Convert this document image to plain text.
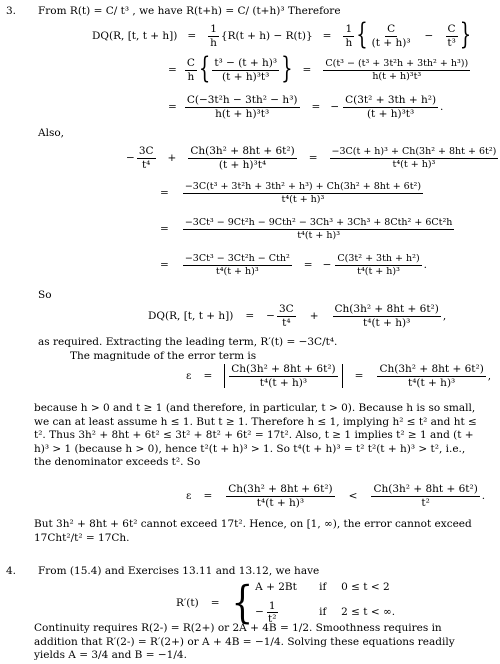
3. From R(t) = C/ t³ , we have R(t+h) = C/ (t+h)³ Therefore
DQ(R, [t, $t + h]) = \frac{1}{h} \{R(t + h) - R(t)\} = \frac{1}{h}$ { $\frac{C}{\text{(t + h)³}} - \frac{C}{\text{t³}}$ }
= $\frac{C}{h}$ { $\frac{\text{t³ − (t + h)³}}{\text{(t + h)³t³}}$ } = $\frac{\text{C(t³ − (t³ + 3t²h + 3th² + h³))}}{\text{h(t + h)³t³}}$
= $\frac{\text{C(−3t²h − 3th² − h³)}}{\text{h(t + h)³t³}}$ = − $\frac{\text{C(3t² + 3th + h²)}}{\text{(t + h)³t³}}$ .
Also,
− $\frac{3C}{\text{t⁴}} + \frac{\text{Ch(3h² + 8ht + 6t²)}}{\text{(t + h)³t⁴}} = \frac{\text{−3C(t + h)³ + Ch(3h² + 8ht + 6t²)}}{\text{t⁴(t + h)³}}$
= $\frac{\text{−3C(t³ + 3t²h + 3th² + h³) + Ch(3h² + 8ht + 6t²)}}{\text{t⁴(t + h)³}}$
= $\frac{\text{−3Ct³ − 9Ct²h − 9Cth² − 3Ch³ + 3Ch³ + 8Cth² + 6Ct²h}}{\text{t⁴(t + h)³}}$
= $\frac{\text{−3Ct³ − 3Ct²h − Cth²}}{\text{t⁴(t + h)³}}$ = − $\frac{\text{C(3t² + 3th + h²)}}{\text{t⁴(t + h)³}}$ .
So
DQ(R, [t, t + h]) = − $\frac{3C}{\text{t⁴}} + \frac{\text{Ch(3h² + 8ht + 6t²)}}{\text{t⁴(t + h)³}}$ ,
as required. Extracting the leading term, R′(t) = −3C/t⁴.
The magnitude of the error term is
$\varepsilon = \frac{\text{Ch(3h² + 8ht + 6t²)}}{\text{t⁴(t + h)³}} = \frac{\text{Ch(3h² + 8ht + 6t²)}}{\text{t⁴(t + h)³}}$ ,
because h > 0 and t ≥ 1 (and therefore, in particular, t > 0). Because h is so small, we can at least assume h ≤ 1. But t ≥ 1. Therefore h ≤ 1, implying h² ≤ t² and ht ≤ t². Thus 3h² + 8ht + 6t² ≤ 3t² + 8t² + 6t² = 17t². Also, t ≥ 1 implies t² ≥ 1 and (t + h)³ > 1 (because h > 0), hence t²(t + h)³ > 1. So t⁴(t + h)³ = t² t²(t + h)³ > t², i.e., the denominator exceeds t². So
$\varepsilon = \frac{\text{Ch(3h² + 8ht + 6t²)}}{\text{t⁴(t + h)³}} < \frac{\text{Ch(3h² + 8ht + 6t²)}}{\text{t²}}$ .
But 3h² + 8ht + 6t² cannot exceed 17t². Hence, on [1, ∞), the error cannot exceed 17Cht²/t² = 17Ch.
4. From (15.4) and Exercises 13.11 and 13.12, we have
R′(t) = { A + 2Bt	if	0 ≤ t < 2
− $\frac{1}{\text{t²}}$	if	2 ≤ t < ∞.
Continuity requires R(2-) = R(2+) or 2A + 4B = 1/2. Smoothness requires in addition that R′(2-) = R′(2+) or A + 4B = −1/4. Solving these equations readily yields A = 3/4 and B = −1/4.
